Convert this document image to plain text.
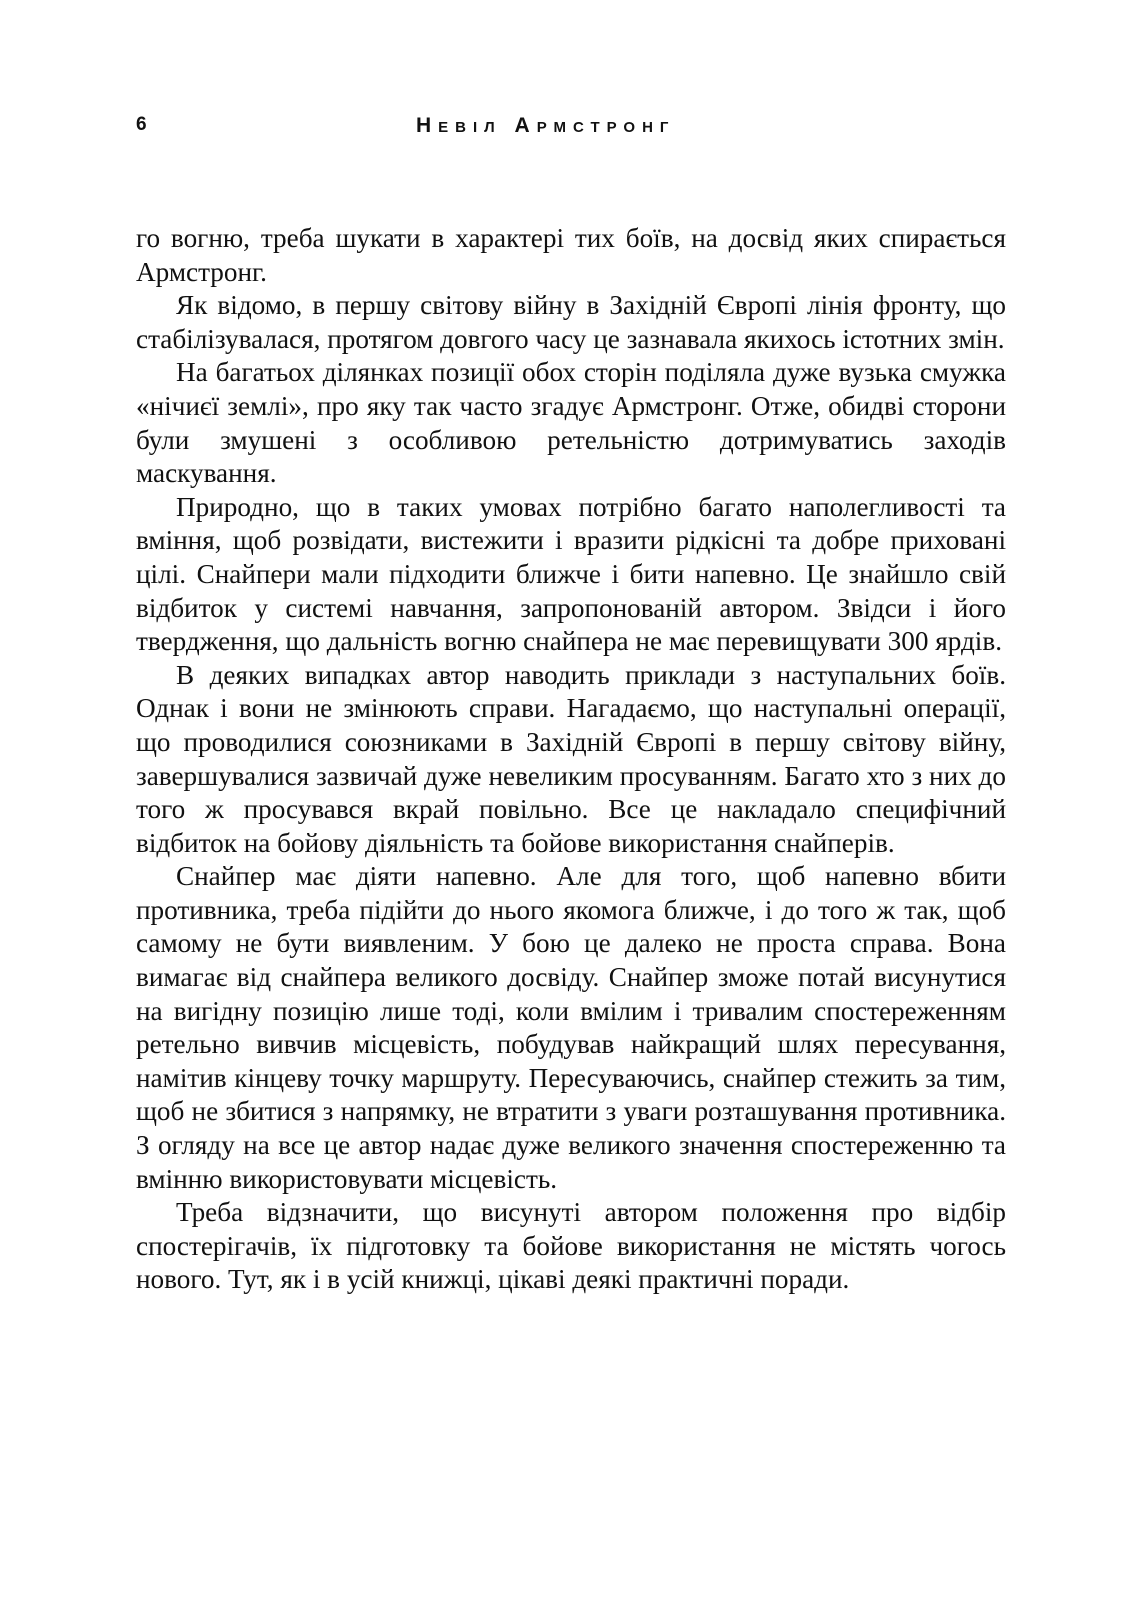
6	Невіл Армстронг

го вогню, треба шукати в характері тих боїв, на досвід яких спирається Армстронг.

Як відомо, в першу світову війну в Західній Європі лінія фронту, що стабілізувалася, протягом довгого часу це зазнавала якихось істотних змін.

На багатьох ділянках позиції обох сторін поділяла дуже вузька смужка «нічиєї землі», про яку так часто згадує Армстронг. Отже, обидві сторони були змушені з особливою ретельністю дотримуватись заходів маскування.

Природно, що в таких умовах потрібно багато наполегливості та вміння, щоб розвідати, вистежити і вразити рідкісні та добре приховані цілі. Снайпери мали підходити ближче і бити напевно. Це знайшло свій відбиток у системі навчання, запропонованій автором. Звідси і його твердження, що дальність вогню снайпера не має перевищувати 300 ярдів.

В деяких випадках автор наводить приклади з наступальних боїв. Однак і вони не змінюють справи. Нагадаємо, що наступальні операції, що проводилися союзниками в Західній Європі в першу світову війну, завершувалися зазвичай дуже невеликим просуванням. Багато хто з них до того ж просувався вкрай повільно. Все це накладало специфічний відбиток на бойову діяльність та бойове використання снайперів.

Снайпер має діяти напевно. Але для того, щоб напевно вбити противника, треба підійти до нього якомога ближче, і до того ж так, щоб самому не бути виявленим. У бою це далеко не проста справа. Вона вимагає від снайпера великого досвіду. Снайпер зможе потай висунутися на вигідну позицію лише тоді, коли вмілим і тривалим спостереженням ретельно вивчив місцевість, побудував найкращий шлях пересування, намітив кінцеву точку маршруту. Пересуваючись, снайпер стежить за тим, щоб не збитися з напрямку, не втратити з уваги розташування противника. З огляду на все це автор надає дуже великого значення спостереженню та вмінню використовувати місцевість.

Треба відзначити, що висунуті автором положення про відбір спостерігачів, їх підготовку та бойове використання не містять чогось нового. Тут, як і в усій книжці, цікаві деякі практичні поради.
